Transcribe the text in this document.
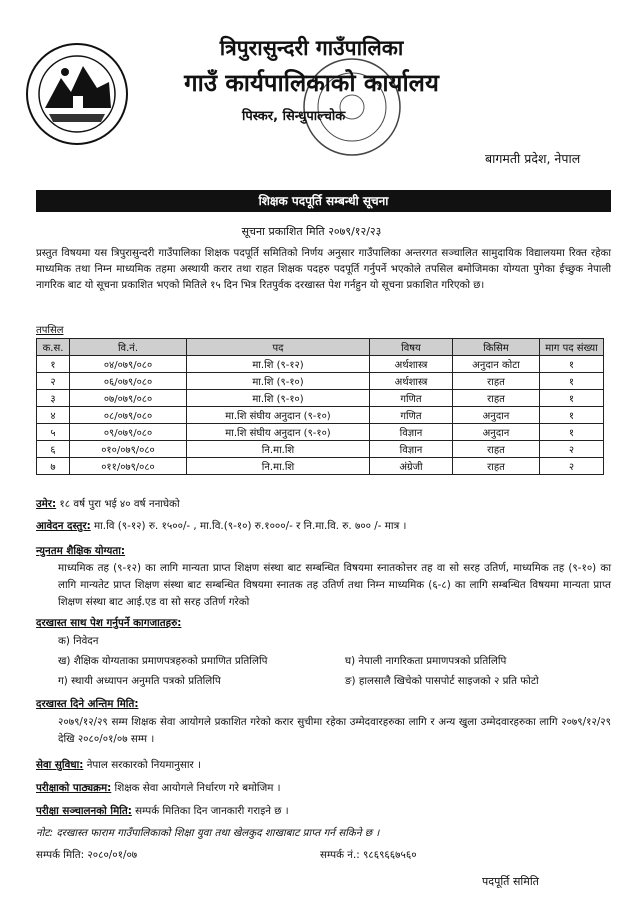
त्रिपुरासुन्दरी गाउँपालिका
गाउँ कार्यपालिकाको कार्यालय
पिस्कर, सिन्धुपाल्चोक
बागमती प्रदेश, नेपाल
शिक्षक पदपूर्ति सम्बन्धी सूचना
सूचना प्रकाशित मिति २०७९/१२/२३
प्रस्तुत विषयमा यस त्रिपुरासुन्दरी गाउँपालिका शिक्षक पदपूर्ति समितिको निर्णय अनुसार गाउँपालिका अन्तरगत सञ्चालित सामुदायिक विद्यालयमा रिक्त रहेका माध्यमिक तथा निम्न माध्यमिक तहमा अस्थायी करार तथा राहत शिक्षक पदहरु पदपूर्ति गर्नुपर्ने भएकोले तपसिल बमोजिमका योग्यता पुगेका ईच्छुक नेपाली नागरिक बाट यो सूचना प्रकाशित भएको मितिले १५ दिन भित्र रितपुर्वक दरखास्त पेश गर्नहुन यो सूचना प्रकाशित गरिएको छ।
तपसिल
क.स.	वि.नं.	पद	विषय	किसिम	माग पद संख्या
१	०४/०७९/०८०	मा.शि (९-१२)	अर्थशास्त्र	अनुदान कोटा	१
२	०६/०७९/०८०	मा.शि (९-१०)	अर्थशास्त्र	राहत	१
३	०७/०७९/०८०	मा.शि (९-१०)	गणित	राहत	१
४	०८/०७९/०८०	मा.शि संघीय अनुदान (९-१०)	गणित	अनुदान	१
५	०९/०७९/०८०	मा.शि संघीय अनुदान (९-१०)	विज्ञान	अनुदान	१
६	०१०/०७९/०८०	नि.मा.शि	विज्ञान	राहत	२
७	०११/०७९/०८०	नि.मा.शि	अंग्रेजी	राहत	२
उमेर: १८ वर्ष पुरा भई ४० वर्ष ननाघेको
आवेदन दस्तुर: मा.वि (९-१२) रु. १५००/- , मा.वि.(९-१०) रु.१०००/- र नि.मा.वि. रु. ७०० /- मात्र ।
न्युनतम शैक्षिक योग्यता:
माध्यमिक तह (९-१२) का लागि मान्यता प्राप्त शिक्षण संस्था बाट सम्बन्धित विषयमा स्नातकोत्तर तह वा सो सरह उतिर्ण, माध्यमिक तह (९-१०) का लागि मान्यतेट प्राप्त शिक्षण संस्था बाट सम्बन्धित विषयमा स्नातक तह उतिर्ण तथा निम्न माध्यमिक (६-८) का लागि सम्बन्धित विषयमा मान्यता प्राप्त शिक्षण संस्था बाट आई.एड वा सो सरह उतिर्ण गरेको
दरखास्त साथ पेश गर्नुपर्ने कागजातहरु:
क) निवेदन
ख) शैक्षिक योग्यताका प्रमाणपत्रहरुको प्रमाणित प्रतिलिपि
ग) स्थायी अध्यापन अनुमति पत्रको प्रतिलिपि
घ) नेपाली नागरिकता प्रमाणपत्रको प्रतिलिपि
ङ) हालसालै खिचेको पासपोर्ट साइजको २ प्रति फोटो
दरखास्त दिने अन्तिम मिति:
२०७९/१२/२९ सम्म शिक्षक सेवा आयोगले प्रकाशित गरेको करार सुचीमा रहेका उम्मेदवारहरुका लागि र अन्य खुला उम्मेदवारहरुका लागि २०७९/१२/२९ देखि २०८०/०१/०७ सम्म ।
सेवा सुविधा: नेपाल सरकारको नियमानुसार ।
परीक्षाको पाठ्यक्रम: शिक्षक सेवा आयोगले निर्धारण गरे बमोजिम ।
परीक्षा सञ्चालनको मिति: सम्पर्क मितिका दिन जानकारी गराइने छ ।
नोट: दरखास्त फाराम गाउँपालिकाको शिक्षा युवा तथा खेलकुद शाखाबाट प्राप्त गर्न सकिने छ ।
सम्पर्क मिति: २०८०/०१/०७	सम्पर्क नं.: ९८६९६६७५६०
पदपूर्ति समिति
